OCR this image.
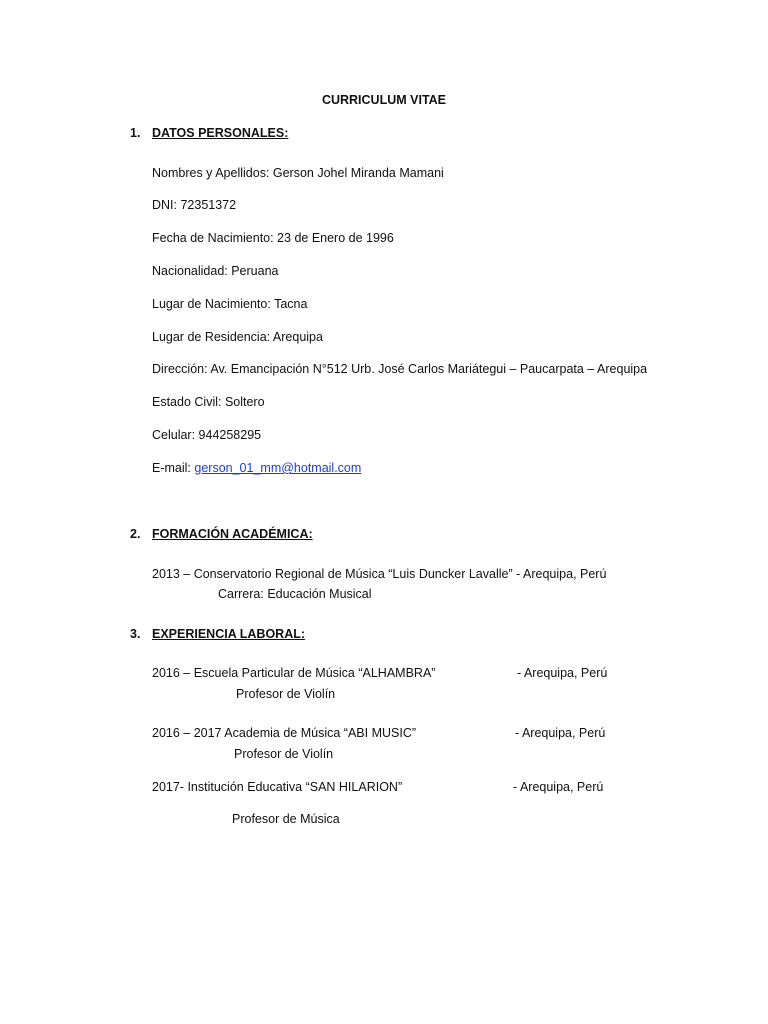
CURRICULUM VITAE
1. DATOS PERSONALES:
Nombres y Apellidos: Gerson Johel Miranda Mamani
DNI: 72351372
Fecha de Nacimiento: 23 de Enero de 1996
Nacionalidad: Peruana
Lugar de Nacimiento: Tacna
Lugar de Residencia: Arequipa
Dirección: Av. Emancipación N°512 Urb. José Carlos Mariátegui – Paucarpata – Arequipa
Estado Civil: Soltero
Celular: 944258295
E-mail: gerson_01_mm@hotmail.com
2. FORMACIÓN ACADÉMICA:
2013 – Conservatorio Regional de Música “Luis Duncker Lavalle” - Arequipa, Perú
Carrera: Educación Musical
3. EXPERIENCIA LABORAL:
2016 – Escuela Particular de Música “ALHAMBRA”	- Arequipa, Perú
Profesor de Violín
2016 – 2017 Academia de Música “ABI MUSIC”	- Arequipa, Perú
Profesor de Violín
2017- Institución Educativa “SAN HILARION”	- Arequipa, Perú
Profesor de Música
